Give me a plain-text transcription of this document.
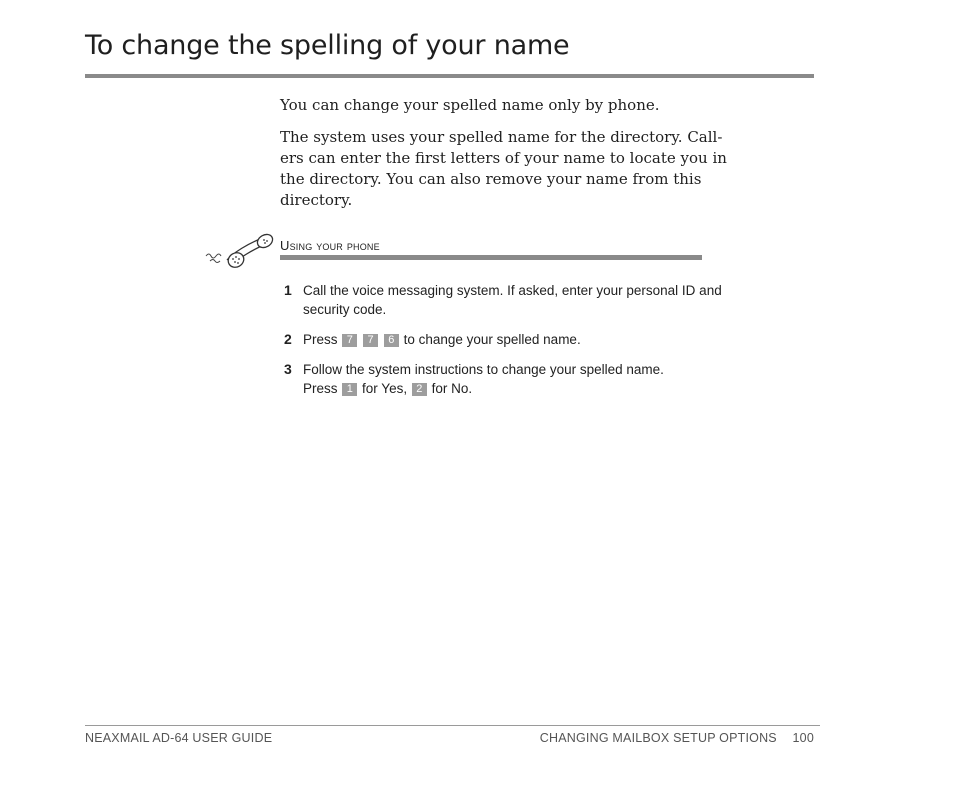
To change the spelling of your name

You can change your spelled name only by phone.

The system uses your spelled name for the directory. Call-ers can enter the first letters of your name to locate you in the directory. You can also remove your name from this directory.

Using your phone
1 Call the voice messaging system. If asked, enter your personal ID and security code.
2 Press 7 7 6 to change your spelled name.
3 Follow the system instructions to change your spelled name.
Press 1 for Yes, 2 for No.
NEAXMAIL AD-64 USER GUIDE	CHANGING MAILBOX SETUP OPTIONS 100
